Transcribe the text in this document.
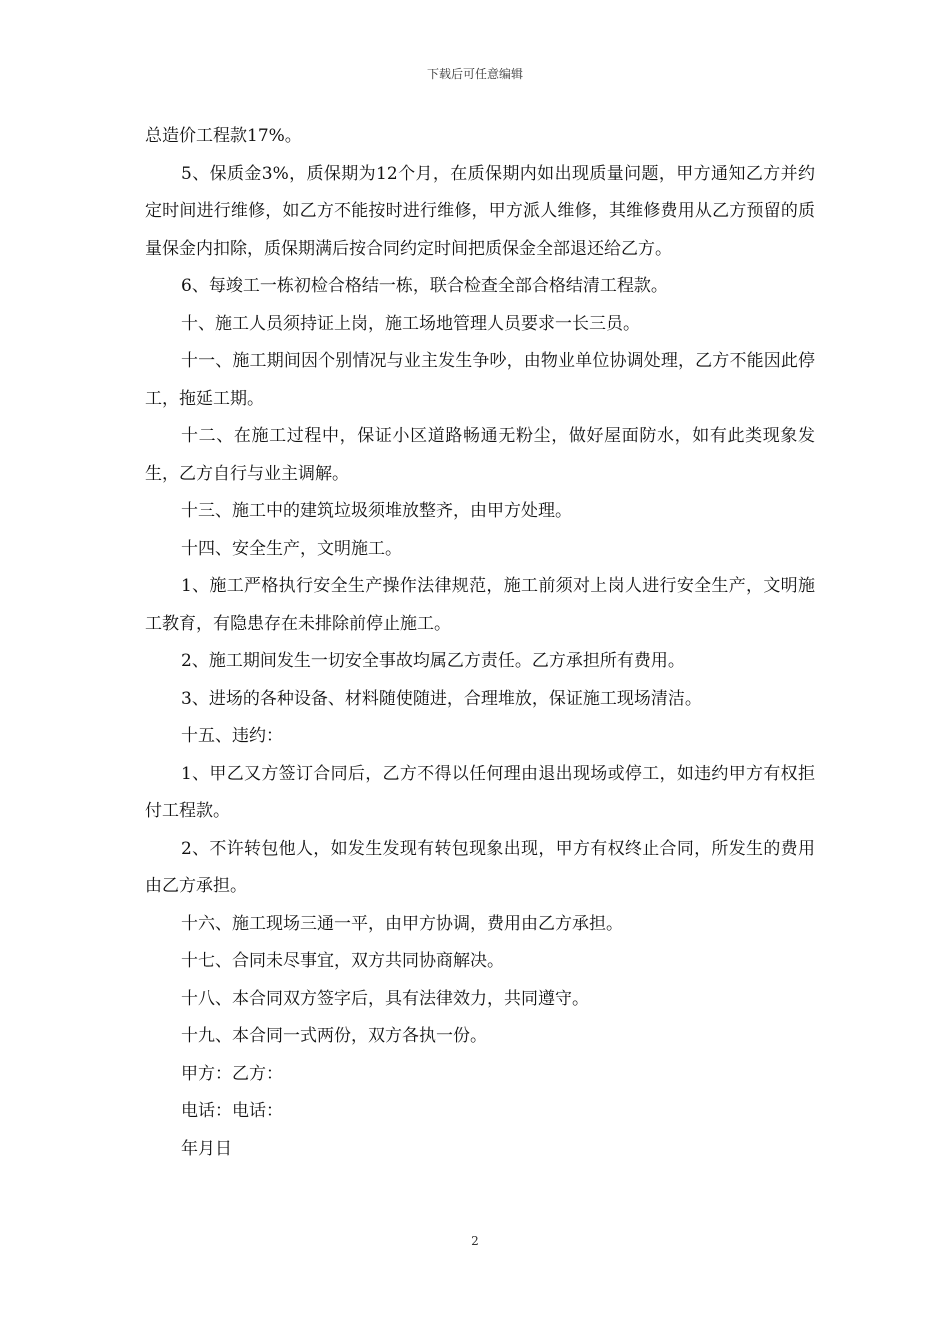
下载后可任意编辑

总造价工程款17%。

5、保质金3%，质保期为12个月，在质保期内如出现质量问题，甲方通知乙方并约定时间进行维修，如乙方不能按时进行维修，甲方派人维修，其维修费用从乙方预留的质量保金内扣除，质保期满后按合同约定时间把质保金全部退还给乙方。

6、每竣工一栋初检合格结一栋，联合检查全部合格结清工程款。

十、施工人员须持证上岗，施工场地管理人员要求一长三员。

十一、施工期间因个别情况与业主发生争吵，由物业单位协调处理，乙方不能因此停工，拖延工期。

十二、在施工过程中，保证小区道路畅通无粉尘，做好屋面防水，如有此类现象发生，乙方自行与业主调解。

十三、施工中的建筑垃圾须堆放整齐，由甲方处理。

十四、安全生产，文明施工。

1、施工严格执行安全生产操作法律规范，施工前须对上岗人进行安全生产，文明施工教育，有隐患存在未排除前停止施工。

2、施工期间发生一切安全事故均属乙方责任。乙方承担所有费用。

3、进场的各种设备、材料随使随进，合理堆放，保证施工现场清洁。

十五、违约：

1、甲乙又方签订合同后，乙方不得以任何理由退出现场或停工，如违约甲方有权拒付工程款。

2、不许转包他人，如发生发现有转包现象出现，甲方有权终止合同，所发生的费用由乙方承担。

十六、施工现场三通一平，由甲方协调，费用由乙方承担。

十七、合同未尽事宜，双方共同协商解决。

十八、本合同双方签字后，具有法律效力，共同遵守。

十九、本合同一式两份，双方各执一份。

甲方：乙方：

电话：电话：

年月日

2
